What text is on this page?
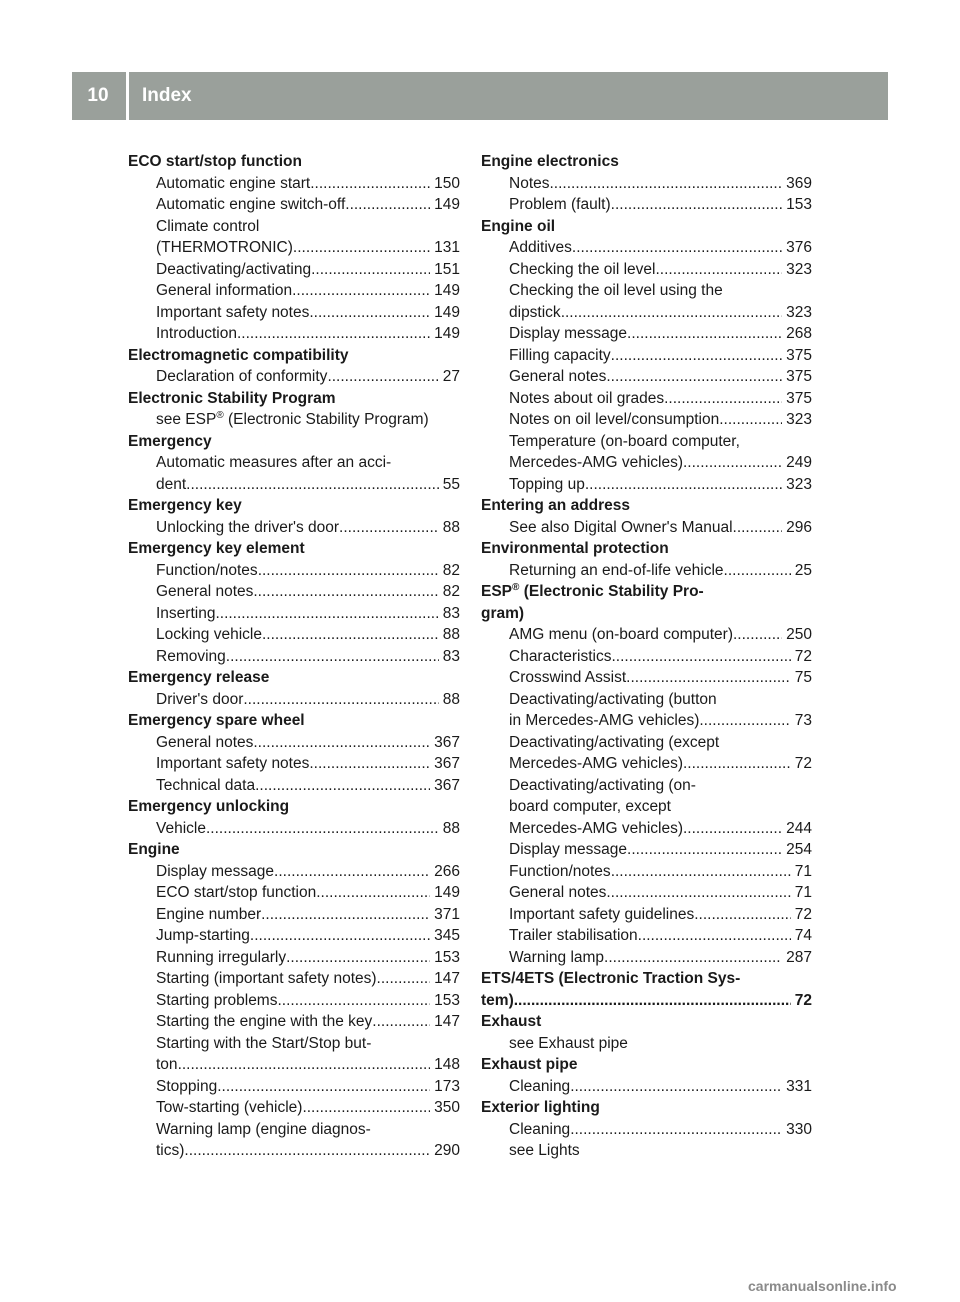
10	Index
ECO start/stop function
Automatic engine start .....	150
Automatic engine switch-off .....	149
Climate control
(THERMOTRONIC) .....	131
Deactivating/activating .....	151
General information .....	149
Important safety notes .....	149
Introduction .....	149
Electromagnetic compatibility
Declaration of conformity .....	27
Electronic Stability Program
see ESP® (Electronic Stability Program)
Emergency
Automatic measures after an acci-
dent .....	55
Emergency key
Unlocking the driver's door .....	88
Emergency key element
Function/notes .....	82
General notes .....	82
Inserting .....	83
Locking vehicle .....	88
Removing .....	83
Emergency release
Driver's door .....	88
Emergency spare wheel
General notes .....	367
Important safety notes .....	367
Technical data .....	367
Emergency unlocking
Vehicle .....	88
Engine
Display message .....	266
ECO start/stop function .....	149
Engine number .....	371
Jump-starting .....	345
Running irregularly .....	153
Starting (important safety notes) .....	147
Starting problems .....	153
Starting the engine with the key .....	147
Starting with the Start/Stop but-
ton .....	148
Stopping .....	173
Tow-starting (vehicle) .....	350
Warning lamp (engine diagnos-
tics) .....	290
Engine electronics
Notes .....	369
Problem (fault) .....	153
Engine oil
Additives .....	376
Checking the oil level .....	323
Checking the oil level using the
dipstick .....	323
Display message .....	268
Filling capacity .....	375
General notes .....	375
Notes about oil grades .....	375
Notes on oil level/consumption .....	323
Temperature (on-board computer,
Mercedes-AMG vehicles) .....	249
Topping up .....	323
Entering an address
See also Digital Owner's Manual .....	296
Environmental protection
Returning an end-of-life vehicle .....	25
ESP® (Electronic Stability Pro-
gram)
AMG menu (on-board computer) .....	250
Characteristics .....	72
Crosswind Assist .....	75
Deactivating/activating (button
in Mercedes-AMG vehicles) .....	73
Deactivating/activating (except
Mercedes-AMG vehicles) .....	72
Deactivating/activating (on-
board computer, except
Mercedes-AMG vehicles) .....	244
Display message .....	254
Function/notes .....	71
General notes .....	71
Important safety guidelines .....	72
Trailer stabilisation .....	74
Warning lamp .....	287
ETS/4ETS (Electronic Traction Sys-
tem) .....	72
Exhaust
see Exhaust pipe
Exhaust pipe
Cleaning .....	331
Exterior lighting
Cleaning .....	330
see Lights
carmanualsonline.info
